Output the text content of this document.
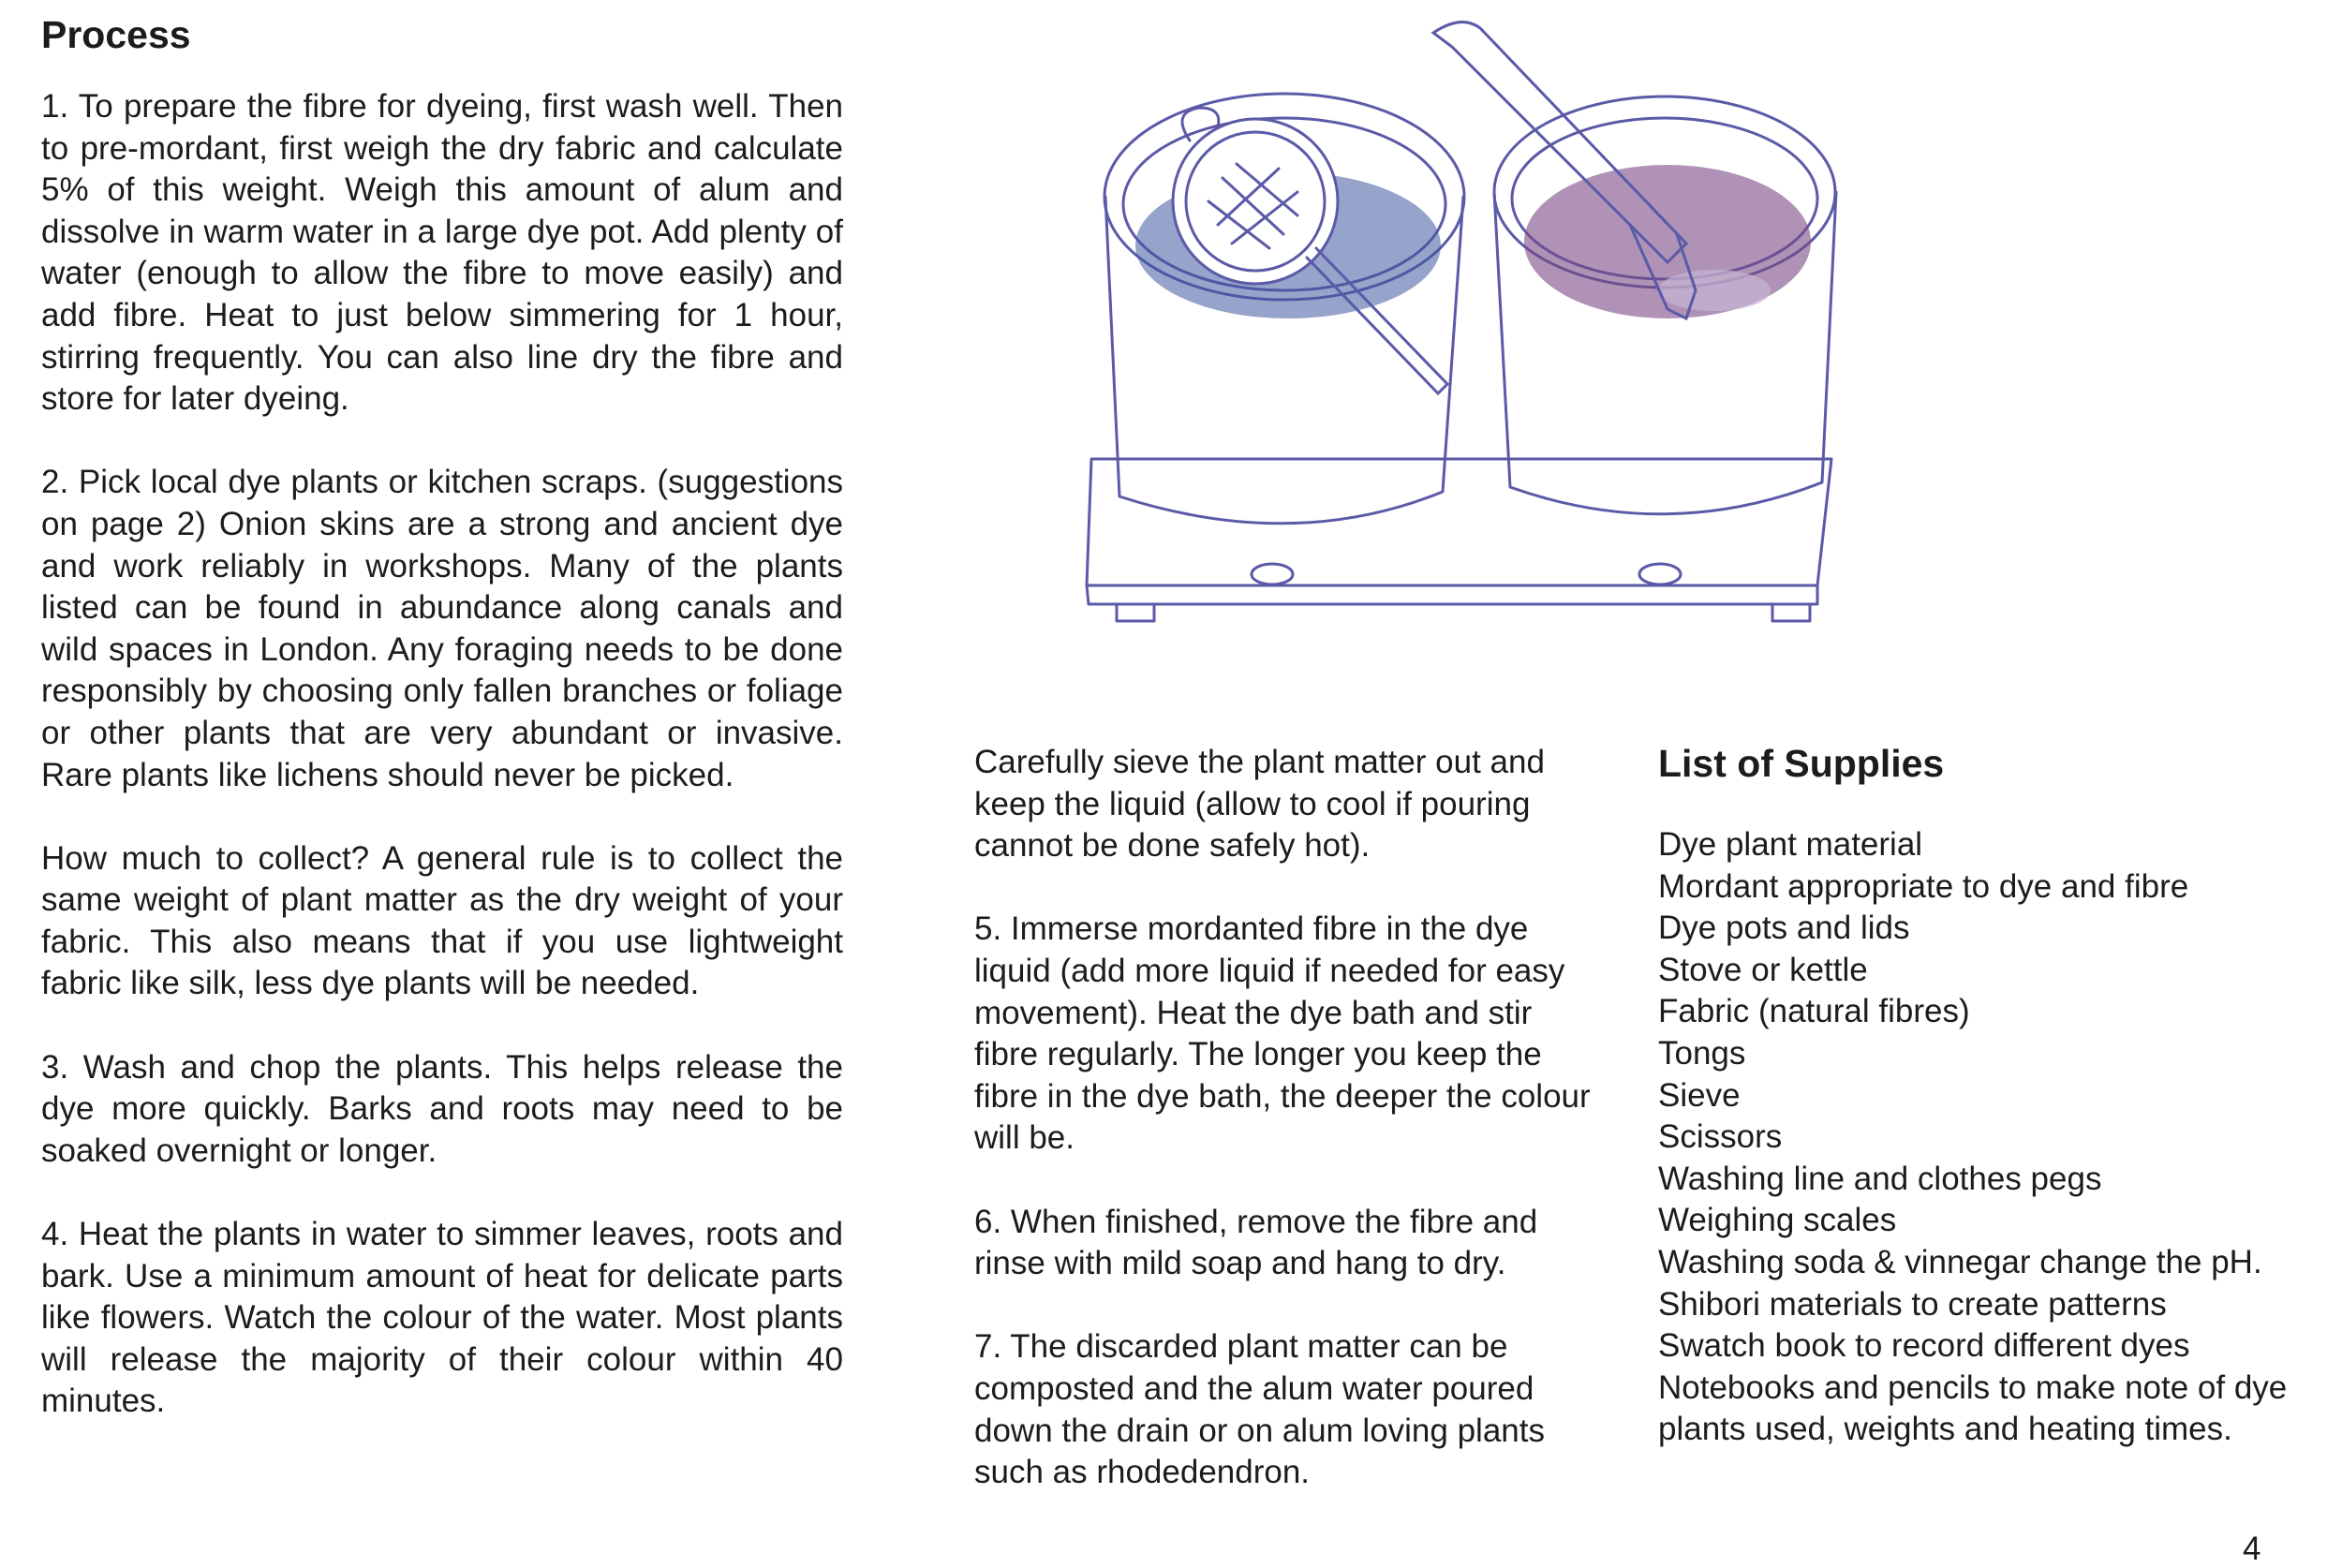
Process

1. To prepare the fibre for dyeing, first wash well. Then to pre-mordant, first weigh the dry fabric and calculate 5% of this weight. Weigh this amount of alum and dissolve in warm water in a large dye pot. Add plenty of water (enough to allow the fibre to move easily) and add fibre. Heat to just below simmering for 1 hour, stirring frequently. You can also line dry the fibre and store for later dyeing.

2. Pick local dye plants or kitchen scraps. (suggestions on page 2) Onion skins are a strong and ancient dye and work reliably in workshops. Many of the plants listed can be found in abundance along canals and wild spaces in London. Any foraging needs to be done responsibly by choosing only fallen branches or foliage or other plants that are very abundant or invasive. Rare plants like lichens should never be picked.

How much to collect? A general rule is to collect the same weight of plant matter as the dry weight of your fabric. This also means that if you use lightweight fabric like silk, less dye plants will be needed.

3. Wash and chop the plants. This helps release the dye more quickly. Barks and roots may need to be soaked overnight or longer.

4. Heat the plants in water to simmer leaves, roots and bark. Use a minimum amount of heat for delicate parts like flowers. Watch the colour of the water. Most plants will release the majority of their colour within 40 minutes.

Carefully sieve the plant matter out and keep the liquid (allow to cool if pouring cannot be done safely hot).

5. Immerse mordanted fibre in the dye liquid (add more liquid if needed for easy movement). Heat the dye bath and stir fibre regularly. The longer you keep the fibre in the dye bath, the deeper the colour will be.

6. When finished, remove the fibre and rinse with mild soap and hang to dry.

7. The discarded plant matter can be composted and the alum water poured down the drain or on alum loving plants such as rhodedendron.

List of Supplies
Dye plant material
Mordant appropriate to dye and fibre
Dye pots and lids
Stove or kettle
Fabric (natural fibres)
Tongs
Sieve
Scissors
Washing line and clothes pegs
Weighing scales
Washing soda & vinnegar change the pH.
Shibori materials to create patterns
Swatch book to record different dyes
Notebooks and pencils to make note of dye plants used, weights and heating times.
4
